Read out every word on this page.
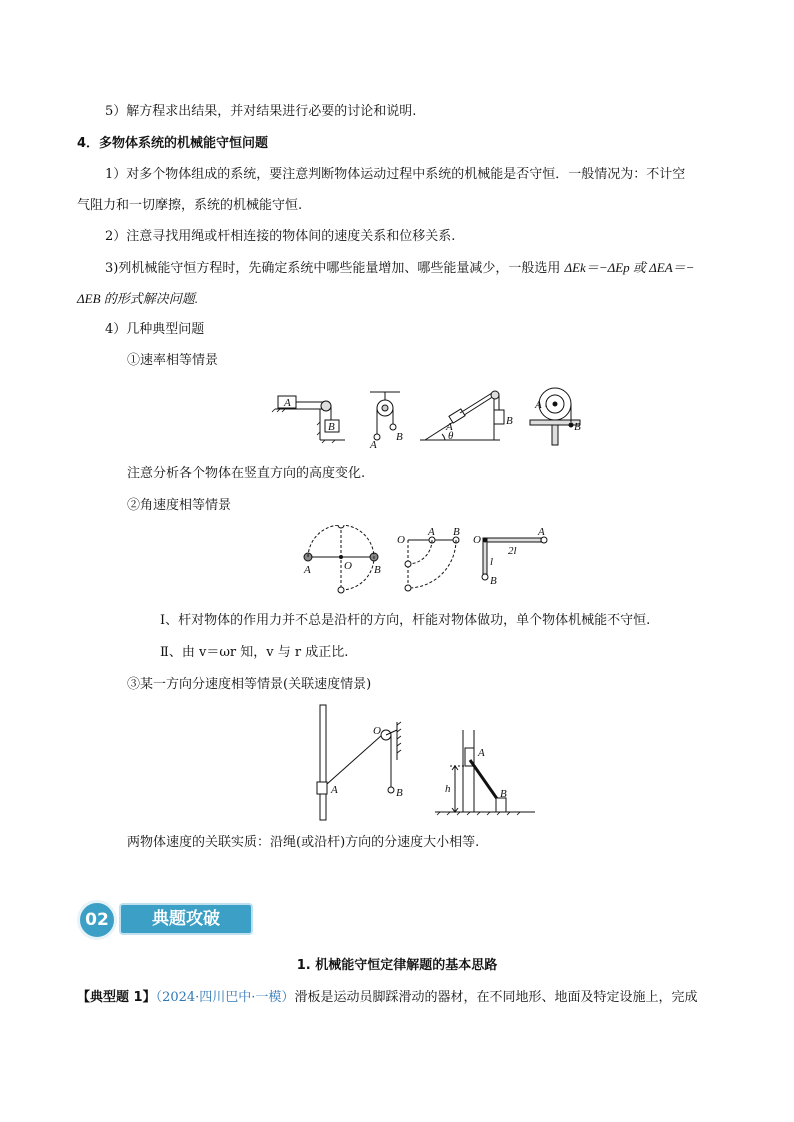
5）解方程求出结果，并对结果进行必要的讨论和说明.
4．多物体系统的机械能守恒问题
1）对多个物体组成的系统，要注意判断物体运动过程中系统的机械能是否守恒．一般情况为：不计空
气阻力和一切摩擦，系统的机械能守恒.
2）注意寻找用绳或杆相连接的物体间的速度关系和位移关系.
3)列机械能守恒方程时，先确定系统中哪些能量增加、哪些能量减少，一般选用 ΔEk＝−ΔEp 或 ΔEA＝−
ΔEB 的形式解决问题.
4）几种典型问题
①速率相等情景
A
B
A
B
A
θ
B
A
B
注意分析各个物体在竖直方向的高度变化.
②角速度相等情景
A	O B
O
A B
O
A
2l
l
B
Ⅰ、杆对物体的作用力并不总是沿杆的方向，杆能对物体做功，单个物体机械能不守恒.
Ⅱ、由 v＝ωr 知，v 与 r 成正比.
③某一方向分速度相等情景(关联速度情景)
O
A	B
A
B
h
两物体速度的关联实质：沿绳(或沿杆)方向的分速度大小相等.
02	典题攻破
1. 机械能守恒定律解题的基本思路
【典型题 1】（2024·四川巴中·一模）滑板是运动员脚踩滑动的器材，在不同地形、地面及特定设施上，完成
